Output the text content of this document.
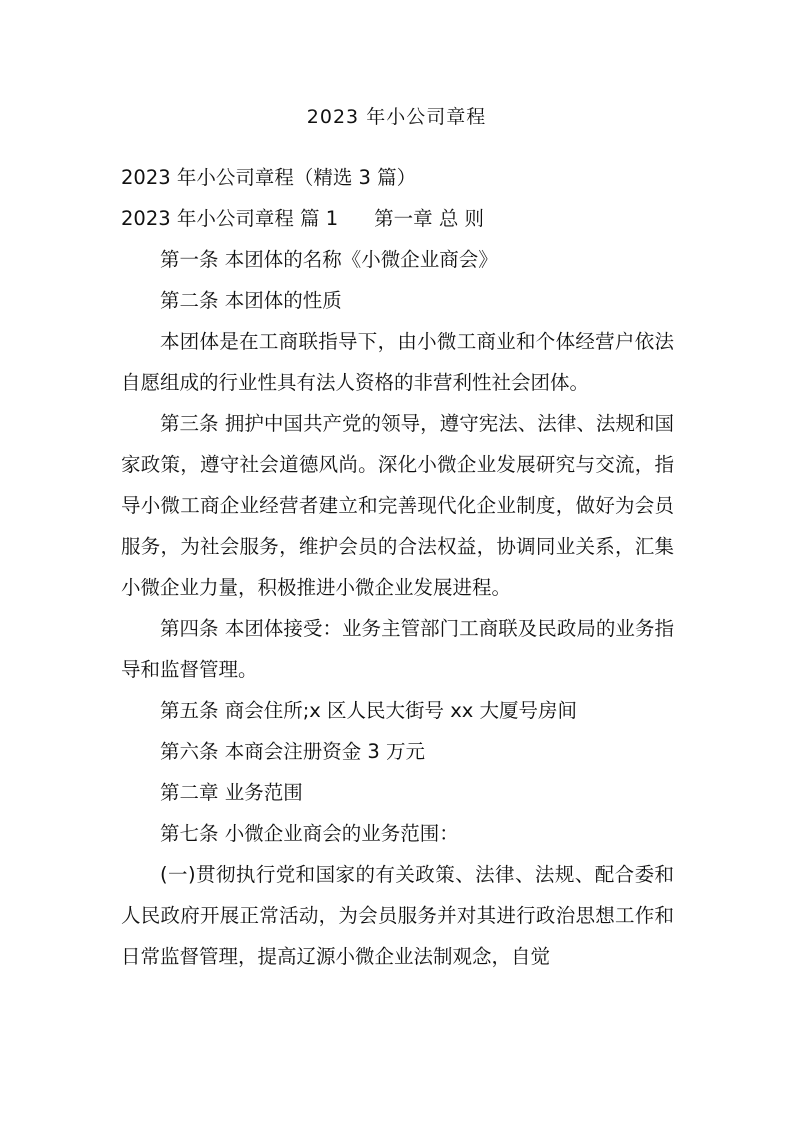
2023 年小公司章程

2023 年小公司章程（精选 3 篇）

2023 年小公司章程 篇 1 第一章 总 则

第一条 本团体的名称《小微企业商会》

第二条 本团体的性质

本团体是在工商联指导下，由小微工商业和个体经营户依法自愿组成的行业性具有法人资格的非营利性社会团体。

第三条 拥护中国共产党的领导，遵守宪法、法律、法规和国家政策，遵守社会道德风尚。深化小微企业发展研究与交流，指导小微工商企业经营者建立和完善现代化企业制度，做好为会员服务，为社会服务，维护会员的合法权益，协调同业关系，汇集小微企业力量，积极推进小微企业发展进程。

第四条 本团体接受：业务主管部门工商联及民政局的业务指导和监督管理。

第五条 商会住所;x 区人民大街号 xx 大厦号房间

第六条 本商会注册资金 3 万元

第二章 业务范围

第七条 小微企业商会的业务范围：

(一)贯彻执行党和国家的有关政策、法律、法规、配合委和人民政府开展正常活动，为会员服务并对其进行政治思想工作和日常监督管理，提高辽源小微企业法制观念，自觉
